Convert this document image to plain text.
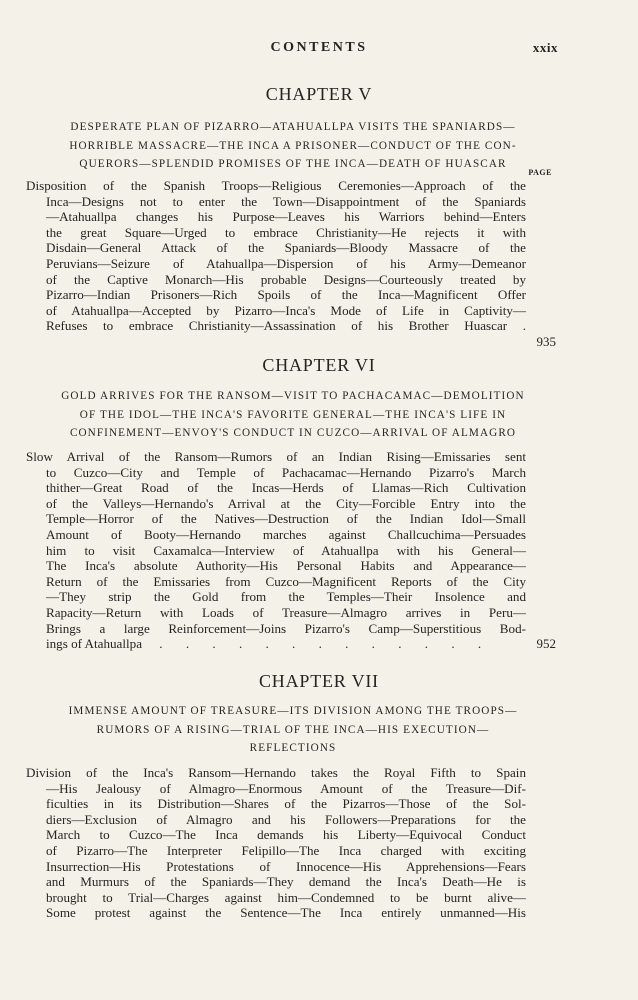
CONTENTS	xxix
CHAPTER V

DESPERATE PLAN OF PIZARRO—ATAHUALLPA VISITS THE SPANIARDS—

HORRIBLE MASSACRE—THE INCA A PRISONER—CONDUCT OF THE CON-

QUERORS—SPLENDID PROMISES OF THE INCA—DEATH OF HUASCAR

PAGE
Disposition of the Spanish Troops—Religious Ceremonies—Approach of the
Inca—Designs not to enter the Town—Disappointment of the Spaniards
—Atahuallpa changes his Purpose—Leaves his Warriors behind—Enters
the great Square—Urged to embrace Christianity—He rejects it with
Disdain—General Attack of the Spaniards—Bloody Massacre of the
Peruvians—Seizure of Atahuallpa—Dispersion of his Army—Demeanor
of the Captive Monarch—His probable Designs—Courteously treated by
Pizarro—Indian Prisoners—Rich Spoils of the Inca—Magnificent Offer
of Atahuallpa—Accepted by Pizarro—Inca's Mode of Life in Captivity—
Refuses to embrace Christianity—Assassination of his Brother Huascar .
935
CHAPTER VI

GOLD ARRIVES FOR THE RANSOM—VISIT TO PACHACAMAC—DEMOLITION

OF THE IDOL—THE INCA'S FAVORITE GENERAL—THE INCA'S LIFE IN

CONFINEMENT—ENVOY'S CONDUCT IN CUZCO—ARRIVAL OF ALMAGRO

Slow Arrival of the Ransom—Rumors of an Indian Rising—Emissaries sent
to Cuzco—City and Temple of Pachacamac—Hernando Pizarro's March
thither—Great Road of the Incas—Herds of Llamas—Rich Cultivation
of the Valleys—Hernando's Arrival at the City—Forcible Entry into the
Temple—Horror of the Natives—Destruction of the Indian Idol—Small
Amount of Booty—Hernando marches against Challcuchima—Persuades
him to visit Caxamalca—Interview of Atahuallpa with his General—
The Inca's absolute Authority—His Personal Habits and Appearance—
Return of the Emissaries from Cuzco—Magnificent Reports of the City
—They strip the Gold from the Temples—Their Insolence and
Rapacity—Return with Loads of Treasure—Almagro arrives in Peru—
Brings a large Reinforcement—Joins Pizarro's Camp—Superstitious Bod-
ings of Atahuallpa . . . . . . . . . . . . .	952
CHAPTER VII

IMMENSE AMOUNT OF TREASURE—ITS DIVISION AMONG THE TROOPS—

RUMORS OF A RISING—TRIAL OF THE INCA—HIS EXECUTION—

REFLECTIONS

Division of the Inca's Ransom—Hernando takes the Royal Fifth to Spain
—His Jealousy of Almagro—Enormous Amount of the Treasure—Dif-
ficulties in its Distribution—Shares of the Pizarros—Those of the Sol-
diers—Exclusion of Almagro and his Followers—Preparations for the
March to Cuzco—The Inca demands his Liberty—Equivocal Conduct
of Pizarro—The Interpreter Felipillo—The Inca charged with exciting
Insurrection—His Protestations of Innocence—His Apprehensions—Fears
and Murmurs of the Spaniards—They demand the Inca's Death—He is
brought to Trial—Charges against him—Condemned to be burnt alive—
Some protest against the Sentence—The Inca entirely unmanned—His
